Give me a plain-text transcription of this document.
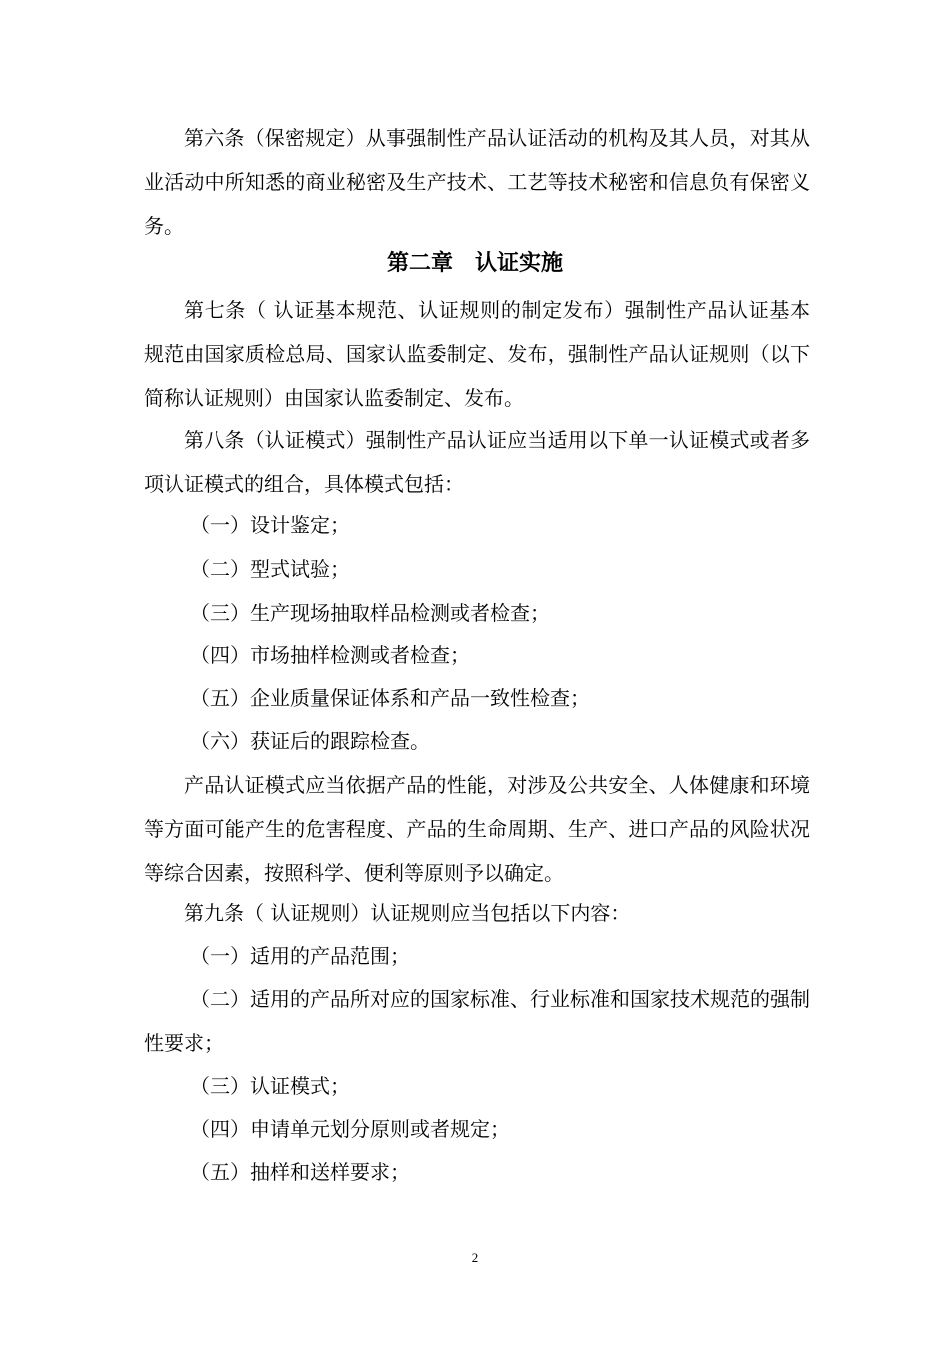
第六条（保密规定）从事强制性产品认证活动的机构及其人员，对其从业活动中所知悉的商业秘密及生产技术、工艺等技术秘密和信息负有保密义务。

第二章　认证实施

第七条（ 认证基本规范、认证规则的制定发布）强制性产品认证基本规范由国家质检总局、国家认监委制定、发布，强制性产品认证规则（以下简称认证规则）由国家认监委制定、发布。

第八条（认证模式）强制性产品认证应当适用以下单一认证模式或者多项认证模式的组合，具体模式包括：

（一）设计鉴定；

（二）型式试验；

（三）生产现场抽取样品检测或者检查；

（四）市场抽样检测或者检查；

（五）企业质量保证体系和产品一致性检查；

（六）获证后的跟踪检查。

产品认证模式应当依据产品的性能，对涉及公共安全、人体健康和环境等方面可能产生的危害程度、产品的生命周期、生产、进口产品的风险状况等综合因素，按照科学、便利等原则予以确定。

第九条（ 认证规则）认证规则应当包括以下内容：

（一）适用的产品范围；

（二）适用的产品所对应的国家标准、行业标准和国家技术规范的强制性要求；

（三）认证模式；

（四）申请单元划分原则或者规定；

（五）抽样和送样要求；

2
